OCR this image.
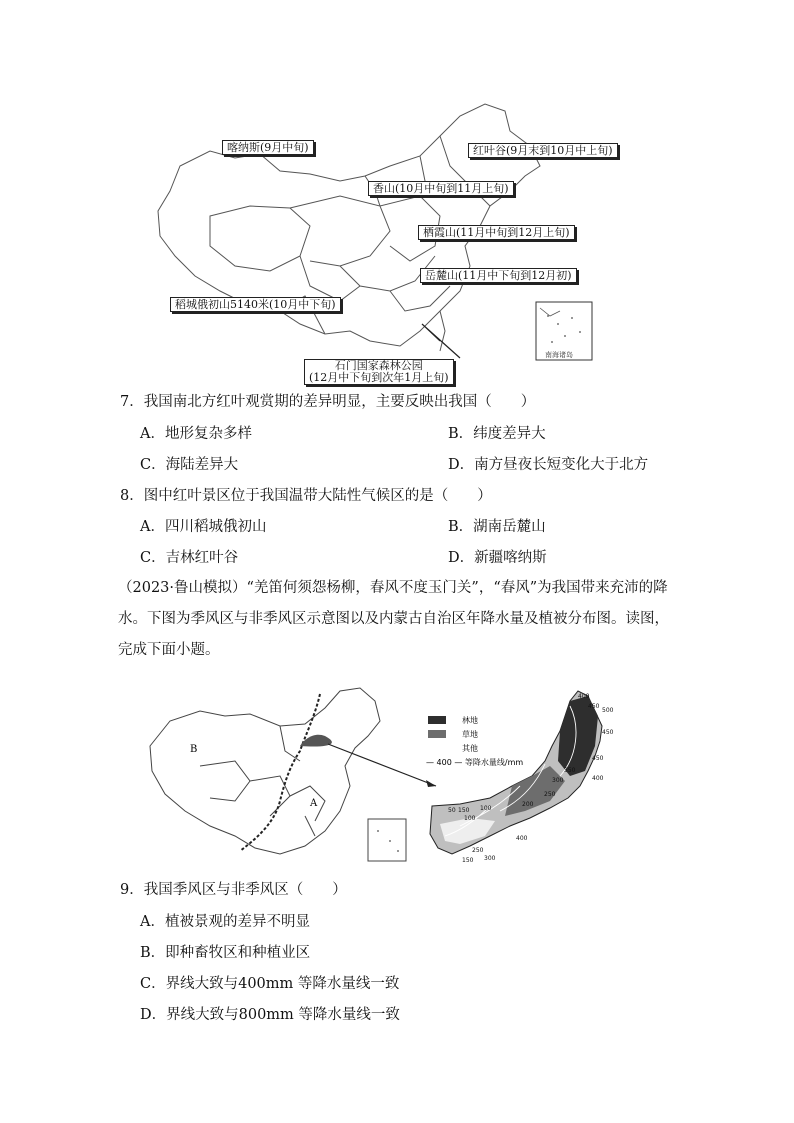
南海诸岛
喀纳斯(9月中旬)	红叶谷(9月末到10月中上旬)
香山(10月中旬到11月上旬)
栖霞山(11月中旬到12月上旬)
岳麓山(11月中下旬到12月初)
稻城俄初山5140米(10月中下旬)
石门国家森林公园
(12月中下旬到次年1月上旬)
7．我国南北方红叶观赏期的差异明显，主要反映出我国（　　）
A．地形复杂多样	B．纬度差异大
C．海陆差异大	D．南方昼夜长短变化大于北方
8．图中红叶景区位于我国温带大陆性气候区的是（　　）
A．四川稻城俄初山	B．湖南岳麓山
C．吉林红叶谷	D．新疆喀纳斯
（2023·鲁山模拟）“羌笛何须怨杨柳，春风不度玉门关”，“春风”为我国带来充沛的降
水。下图为季风区与非季风区示意图以及内蒙古自治区年降水量及植被分布图。读图，
完成下面小题。
B
A
400
450
500
450
450
400
350
300
250
200
150 100
50
100
150
250
300
400
林地
草地
其他
— 400 — 等降水量线/mm
9．我国季风区与非季风区（　　）
A．植被景观的差异不明显
B．即种畜牧区和种植业区
C．界线大致与400mm 等降水量线一致
D．界线大致与800mm 等降水量线一致
